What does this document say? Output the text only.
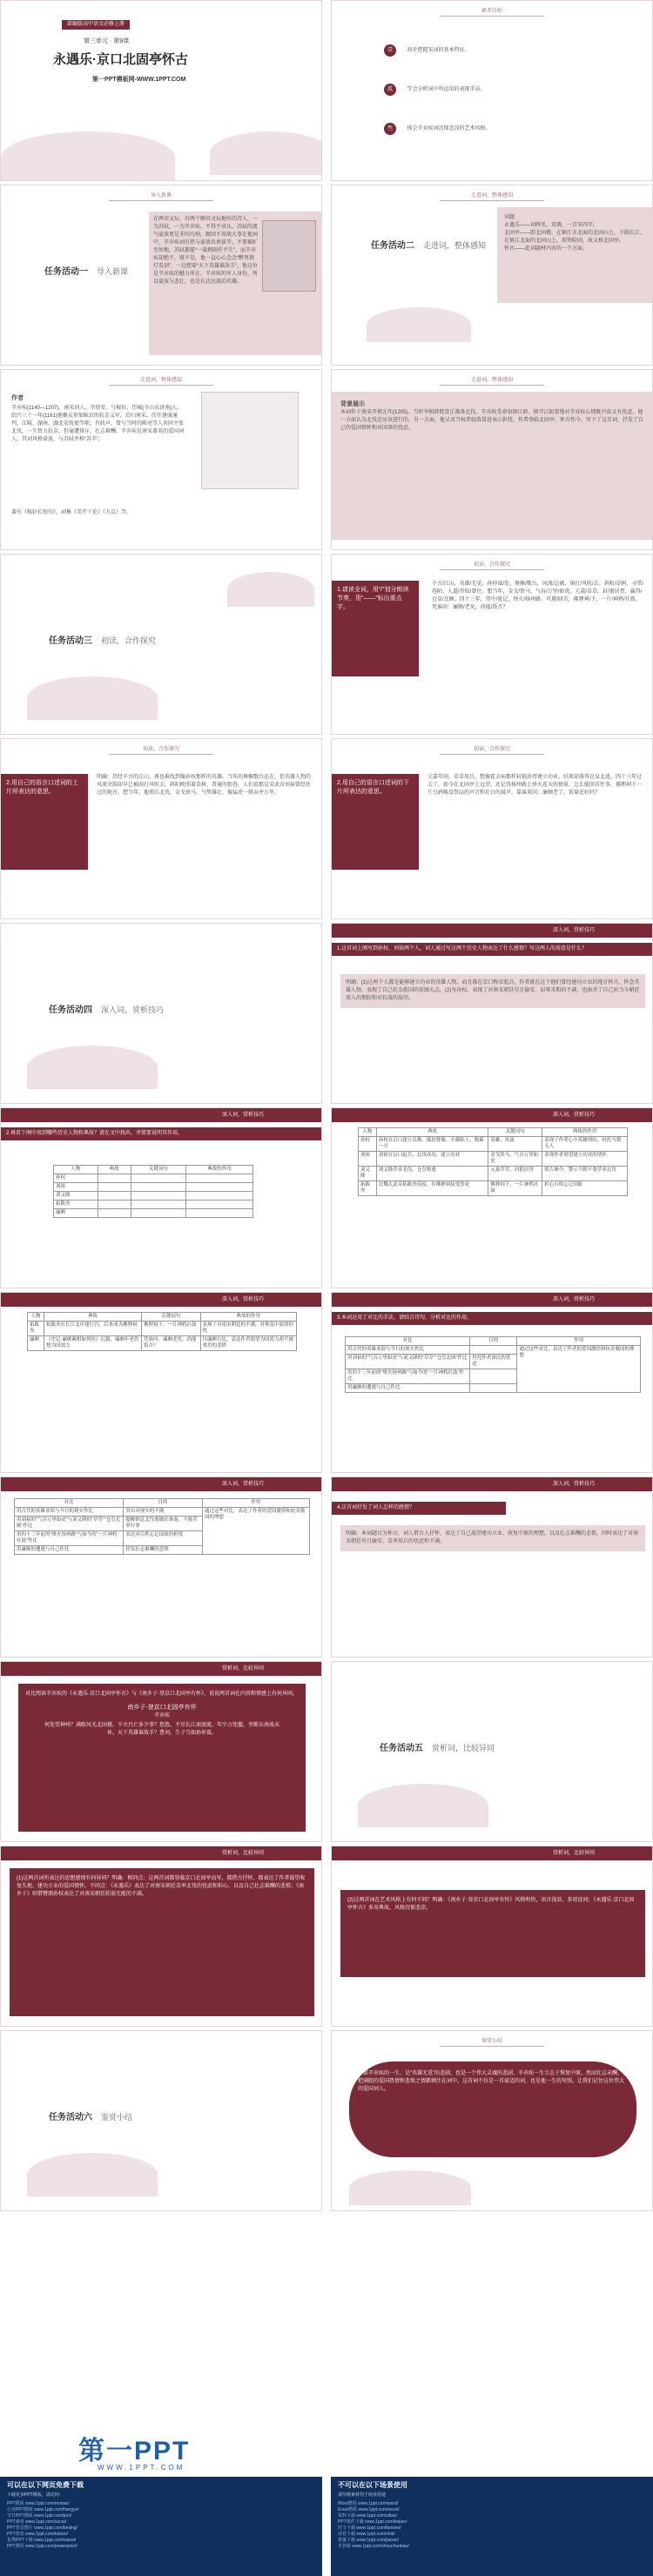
部编版高中语文必修上册
第三单元 · 第9课
永遇乐·京口北固亭怀古
第一PPT模板网-WWW.1PPT.COM
素养目标
壹	初步把握宋词的基本特征。
贰	学会分析词中所运用的表现手法。
叁	体会辛弃疾词沉郁悲凉的艺术风格。
导入新课
任务活动一 导入新课
在两宋文坛，有两个颇具文坛地位的诗人，一为苏轼，一为辛弃疾。不得不承认，苏轼的流气豪放更是非同凡响，跟回不用战大事在他词中，辛弃疾词有热与豪放出类拔萃。不要被旷至何地，苏轼都能“一蓑烟雨任平生”，而辛弃疾却绝不，既不是，他一直心心念念“醉里挑灯看剑”，一边想着“天下英雄谁敌手”，他这位是辛弃疾的魅力所在，辛弃疾的军人身份，所以豪放与悲壮，也是长达民族的英雄。
走进词，整体感知
任务活动二 走进词，整体感知
词题
永遇乐——词牌名，双调，一百零四字。
北固亭——即北固楼，在镇江市北面的北固山上，下临长江，在镇江北面的北固山上，形势险固，故又称北固亭。
怀古——此词题材内容的一个方面。
走进词，整体感知
作者
辛弃疾(1140—1207)，南宋词人，字幼安，号稼轩，历城(今山东济南)人。绍兴三十一年(1161)他聚众参加耿京的抗金义军，后归南宋。历任建康通判，江陵、湖南、湖北安抚使等职，有政声。曾与当时的陈亮等人共同主张北伐，一生致力抗金，但屡遭排斥，壮志难酬。辛弃疾是南宋著名的爱国词人，其词风格豪放，与苏轼并称“苏辛”。
著有《稼轩长短句》，词集《美芹十论》《九议》等。
走进词，整体感知
背景展示
本词作于南宋开禧元年(1205)。当时宰相韩侂胄正准备北伐。辛弃疾受命知镇江府。镇守江防要地对辛弃疾心情既兴奋又有忧虑。他一方面认为北伐是应该进行的，另一方面，他又对当权者轻敌冒进表示担忧。作者登临北固亭，怀古伤今，写下了这首词，抒发了自己的爱国情怀和对国事的忧虑。
任务活动三 初读，合作探究
初读，合作探究
1.请读全词，用“/”划分朗读节奏，用“——”标出重点字。
千古/江山，英雄/无觅，孙仲谋/处。舞榭/歌台，风流/总被，雨打/风吹/去。斜阳/草树，寻常/巷陌，人道/寄奴/曾住。想当年，金戈/铁马，气吞/万里/如虎。元嘉/草草，封/狼居胥，赢得/仓皇/北顾。四十三年，望中/犹记，烽火/扬州路。可堪/回首，佛狸祠/下，一片/神鸦/社鼓。凭谁问：廉颇/老矣，尚能/饭否？
初读，合作探究
2.用自己的语言口述词的上片所表达的意思。
明确：历经千古的江山，再也难找到像孙权那样的英雄。当年的舞榭歌台还在，但英雄人物的风流余韵却早已被雨打风吹去。斜阳映照着草树，普通的街巷，人们说那是宋武帝刘裕曾经住过的地方。想当年，他领兵北伐，金戈铁马，气势雄壮，像猛虎一般吞并万里。
初读，合作探究
2.用自己的语言口述词的下片所表达的意思。
元嘉年间，草草用兵，想像霍去病那样封狼居胥建立功业，结果却落得仓皇北逃。四十三年过去了，如今在北固亭上远望，还记得扬州路上烽火连天的情景。怎么能回首往事，佛狸祠下一片乌鸦啄食祭品的声音和社日的鼓声。靠谁来问：廉颇老了，饭量还好吗？
任务活动四 深入词，赏析技巧
深入词，赏析技巧
1.这首词上阕写到孙权、刘裕两个人，词人通过写这两个历史人物表达了什么感情？写这两人的用意是什么？
明确：(1)这两个人都是能够建立功业的英雄人物，而且都在京口称帝起兵，作者就在这个他们曾经建功立业的地方怀古，怀念英雄人物，表现了自己抗金救国的宏图大志。(2)写孙权，表现了对南宋朝廷苟且偷安、屈辱求和的不满，也暗含了自己对当今朝廷用人的期盼和对抗战的渴望。
深入词，赏析技巧
2.再看下阕中用到哪些历史人物和典故？请在文中找出，并简要说明其作用。
人物	典故	关键词句	典故的作用
孙权			
刘裕			
刘义隆			
拓跋焘			
廉颇			
深入词，赏析技巧
人物	典故	关键词句	典故的作用
孙权	孙权在京口建立吴都，抵抗曹操，开疆拓土，称霸一方	英雄、风流	表现了作者心中英雄情结，衬托当朝无人
刘裕	刘裕在京口起兵，北伐成功，建立功业	金戈铁马，气吞万里如虎	表现作者渴望建立功业的情怀
刘义隆	刘义隆草率北伐，仓皇败逃	元嘉草草，封狼居胥	借古讽今，警示当朝不要草率北伐
拓跋焘	北魏太武帝拓跋焘南侵，在佛狸祠接受祭祀	佛狸祠下，一片神鸦社鼓	担心百姓忘记国耻
深入词，赏析技巧
人物	典故	关键词句	典故的作用
拓跋焘	拓跋焘在长江北岸建行宫，后来成为佛狸祠	佛狸祠下，一片神鸦社鼓	表现了对南宋朝廷的不满，对恢复中原的担忧
廉颇	《史记·廉颇蔺相如列传》记载，廉颇年老仍想为国效力	凭谁问：廉颇老矣，尚能饭否？	以廉颇自比，表达作者渴望为国效力却不被重用的悲愤
深入词，赏析技巧
3.本词运用了对比的手法，请结合诗句，分析对比的作用。
对比	目的	作用
用古代的英雄业绩与今日的现实作比		通过这些对比，表达了作者的爱国激情和抗金救国的理想
用刘裕的“气吞万里如虎”与刘义隆的“草草”“仓皇北顾”作比	衬托作者深沉的忧虑	
用四十三年前的“烽火扬州路”与如今的“一片神鸦社鼓”作比		
用廉颇的遭遇与自己作比		
深入词，赏析技巧
对比	目的	作用
用古代的英雄业绩与今日的现实作比	突出对现实的不满	通过这些对比，表达了作者的爱国激情和抗金救国的理想
用刘裕的“气吞万里如虎”与刘义隆的“草草”“仓皇北顾”作比	提醒朝廷北伐要做好准备，不能草率行事	
用四十三年前的“烽火扬州路”与如今的“一片神鸦社鼓”作比	表达对百姓忘记国耻的担忧	
用廉颇的遭遇与自己作比	抒发壮志难酬的悲愤	
深入词，赏析技巧
4.这首词抒发了词人怎样的感情？
明确：本词题目为怀古，词人借古人抒怀，表达了自己渴望建功立业、收复中原的理想，以及壮志难酬的悲愤，同时表达了对南宋朝廷苟且偷安、草率用兵的忧虑和不满。
赏析词，比较异同
对比阅读辛弃疾的《永遇乐·京口北固亭怀古》与《南乡子·登京口北固亭有怀》，说说两首词在内容和情感上有何异同。
南乡子·登京口北固亭有怀
辛弃疾
何处望神州？满眼风光北固楼。千古兴亡多少事？悠悠。不尽长江滚滚流。年少万兜鍪，坐断东南战未休。天下英雄谁敌手？曹刘。生子当如孙仲谋。
任务活动五 赏析词，比较异同
赏析词，比较异同
(1)这两首词所表达的思想感情有何异同？明确：相同点：这两首词都登临京口北固亭而写，都借古抒怀，都表达了作者渴望收复失地、建功立业的爱国情怀。不同点：《永遇乐》表达了对南宋朝廷草率北伐的忧虑和担心，以及自己壮志难酬的悲愤；《南乡子》则借赞颂孙权表达了对南宋朝廷软弱无能的不满。
赏析词，比较异同
(2)这两首词在艺术风格上有何不同？明确：《南乡子·登京口北固亭有怀》风格明快，语言浅显，多用设问；《永遇乐·京口北固亭怀古》多用典故，风格沉郁悲凉。
任务活动六 鉴赏小结
鉴赏小结
一部辛弃疾的一生，是“英雄无觅”的悲剧，也是一个伟大灵魂的悲剧。辛弃疾一生立志于恢复中原，然而壮志未酬，他把满腔的爱国热情和悲愤之情都倾注在词中，这首词不仅是一首豪迈的词，也是他一生的写照。让我们记住这位伟大的爱国词人。
第一PPT
WWW.1PPT.COM
可以在以下网页免费下载
下载更多PPT模板，请访问：
PPT模板 www.1ppt.com/moban/
行业PPT模板 www.1ppt.com/hangye/
节日PPT模板 www.1ppt.com/jieri/
PPT素材 www.1ppt.com/sucai/
PPT背景图片 www.1ppt.com/beijing/
PPT图表 www.1ppt.com/tubiao/
优秀PPT下载 www.1ppt.com/xiazai/
PPT教程 www.1ppt.com/powerpoint/
不可以在以下场景使用
请勿将素材用于商业用途
Word教程 www.1ppt.com/word/
Excel教程 www.1ppt.com/excel/
资料下载 www.1ppt.com/ziliao/
PPT课件下载 www.1ppt.com/kejian/
范文下载 www.1ppt.com/fanwen/
试卷下载 www.1ppt.com/shiti/
教案下载 www.1ppt.com/jiaoan/
手抄报 www.1ppt.com/shouchaobao/
